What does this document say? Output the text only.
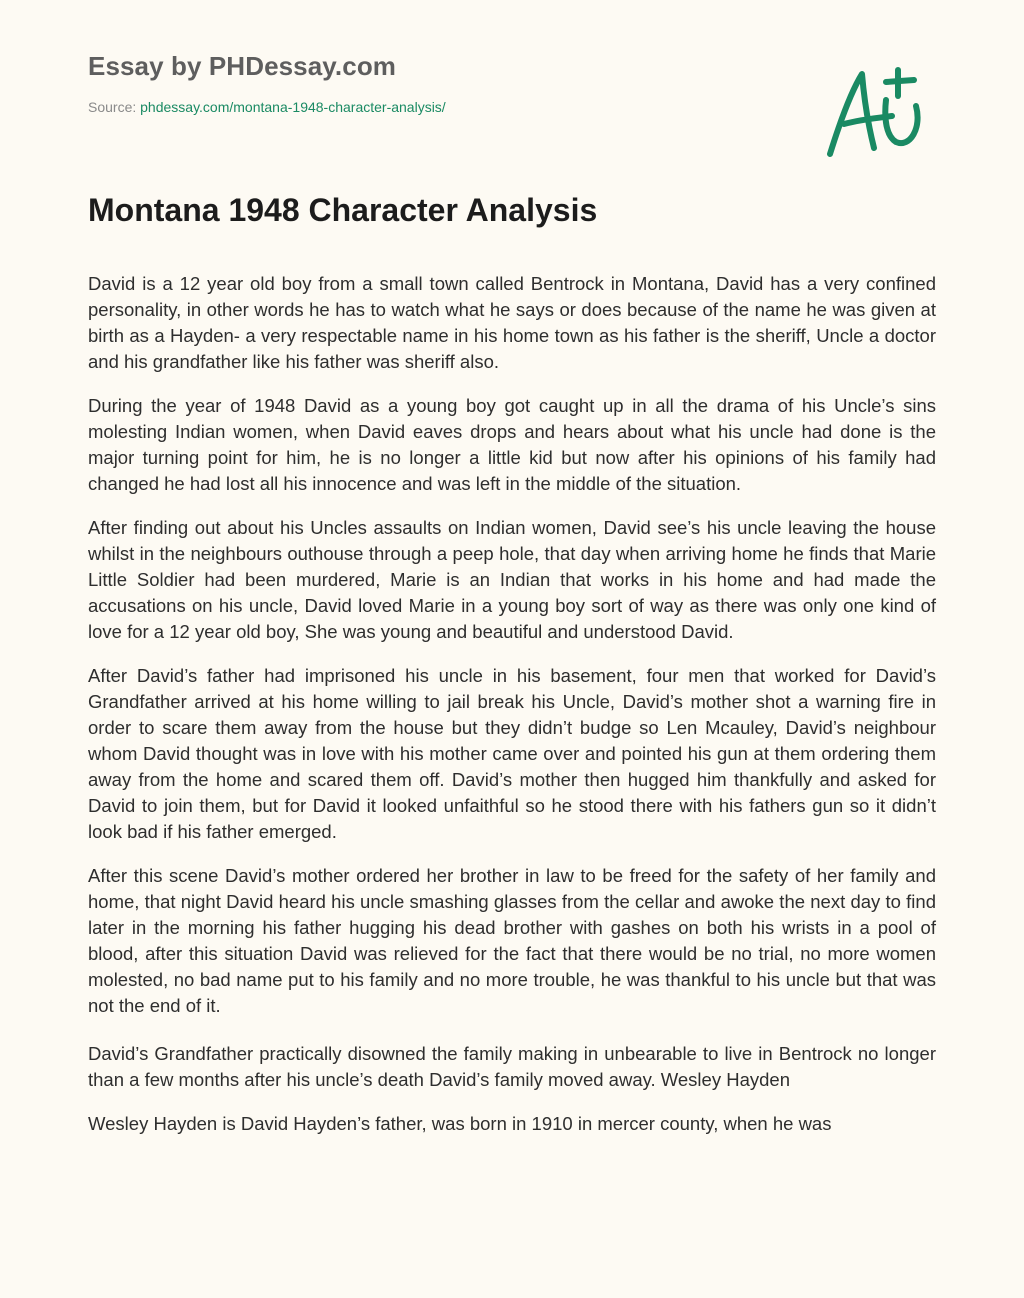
Essay by PHDessay.com
Source: phdessay.com/montana-1948-character-analysis/
Montana 1948 Character Analysis

David is a 12 year old boy from a small town called Bentrock in Montana, David has a very confined personality, in other words he has to watch what he says or does because of the name he was given at birth as a Hayden- a very respectable name in his home town as his father is the sheriff, Uncle a doctor and his grandfather like his father was sheriff also.

During the year of 1948 David as a young boy got caught up in all the drama of his Uncle’s sins molesting Indian women, when David eaves drops and hears about what his uncle had done is the major turning point for him, he is no longer a little kid but now after his opinions of his family had changed he had lost all his innocence and was left in the middle of the situation.

After finding out about his Uncles assaults on Indian women, David see’s his uncle leaving the house whilst in the neighbours outhouse through a peep hole, that day when arriving home he finds that Marie Little Soldier had been murdered, Marie is an Indian that works in his home and had made the accusations on his uncle, David loved Marie in a young boy sort of way as there was only one kind of love for a 12 year old boy, She was young and beautiful and understood David.

After David’s father had imprisoned his uncle in his basement, four men that worked for David’s Grandfather arrived at his home willing to jail break his Uncle, David’s mother shot a warning fire in order to scare them away from the house but they didn’t budge so Len Mcauley, David’s neighbour whom David thought was in love with his mother came over and pointed his gun at them ordering them away from the home and scared them off. David’s mother then hugged him thankfully and asked for David to join them, but for David it looked unfaithful so he stood there with his fathers gun so it didn’t look bad if his father emerged.

After this scene David’s mother ordered her brother in law to be freed for the safety of her family and home, that night David heard his uncle smashing glasses from the cellar and awoke the next day to find later in the morning his father hugging his dead brother with gashes on both his wrists in a pool of blood, after this situation David was relieved for the fact that there would be no trial, no more women molested, no bad name put to his family and no more trouble, he was thankful to his uncle but that was not the end of it.

David’s Grandfather practically disowned the family making in unbearable to live in Bentrock no longer than a few months after his uncle’s death David’s family moved away. Wesley Hayden

Wesley Hayden is David Hayden’s father, was born in 1910 in mercer county, when he was
